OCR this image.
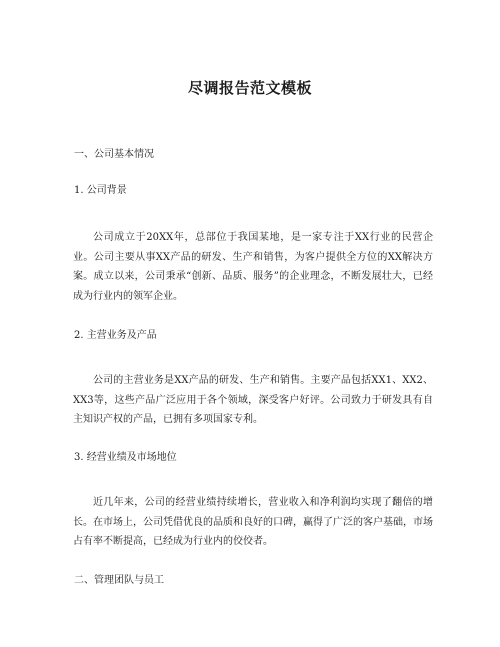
尽调报告范文模板
一、公司基本情况
1. 公司背景

公司成立于20XX年，总部位于我国某地，是一家专注于XX行业的民营企业。公司主要从事XX产品的研发、生产和销售，为客户提供全方位的XX解决方案。成立以来，公司秉承“创新、品质、服务”的企业理念，不断发展壮大，已经成为行业内的领军企业。

2. 主营业务及产品

公司的主营业务是XX产品的研发、生产和销售。主要产品包括XX1、XX2、XX3等，这些产品广泛应用于各个领域，深受客户好评。公司致力于研发具有自主知识产权的产品，已拥有多项国家专利。

3. 经营业绩及市场地位

近几年来，公司的经营业绩持续增长，营业收入和净利润均实现了翻倍的增长。在市场上，公司凭借优良的品质和良好的口碑，赢得了广泛的客户基础，市场占有率不断提高，已经成为行业内的佼佼者。

二、管理团队与员工
